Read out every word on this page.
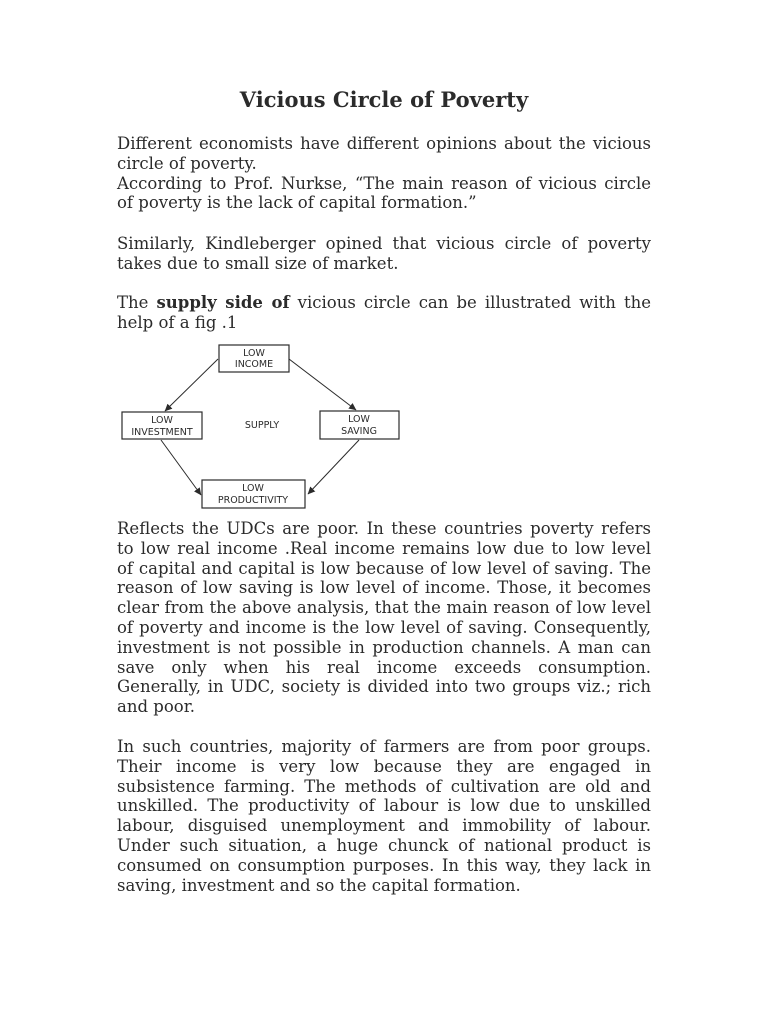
Vicious Circle of Poverty

Different economists have different opinions about the vicious circle of poverty.

According to Prof. Nurkse, “The main reason of vicious circle of poverty is the lack of capital formation.”

Similarly, Kindleberger opined that vicious circle of poverty takes due to small size of market.

The supply side of vicious circle can be illustrated with the help of a fig .1

LOW
INCOME
LOW
SAVING
LOW
PRODUCTIVITY
LOW
INVESTMENT
SUPPLY

Reflects the UDCs are poor. In these countries poverty refers to low real income .Real income remains low due to low level of capital and capital is low because of low level of saving. The reason of low saving is low level of income. Those, it becomes clear from the above analysis, that the main reason of low level of poverty and income is the low level of saving. Consequently, investment is not possible in production channels. A man can save only when his real income exceeds consumption. Generally, in UDC, society is divided into two groups viz.; rich and poor.

In such countries, majority of farmers are from poor groups. Their income is very low because they are engaged in subsistence farming. The methods of cultivation are old and unskilled. The productivity of labour is low due to unskilled labour, disguised unemployment and immobility of labour. Under such situation, a huge chunck of national product is consumed on consumption purposes. In this way, they lack in saving, investment and so the capital formation.
